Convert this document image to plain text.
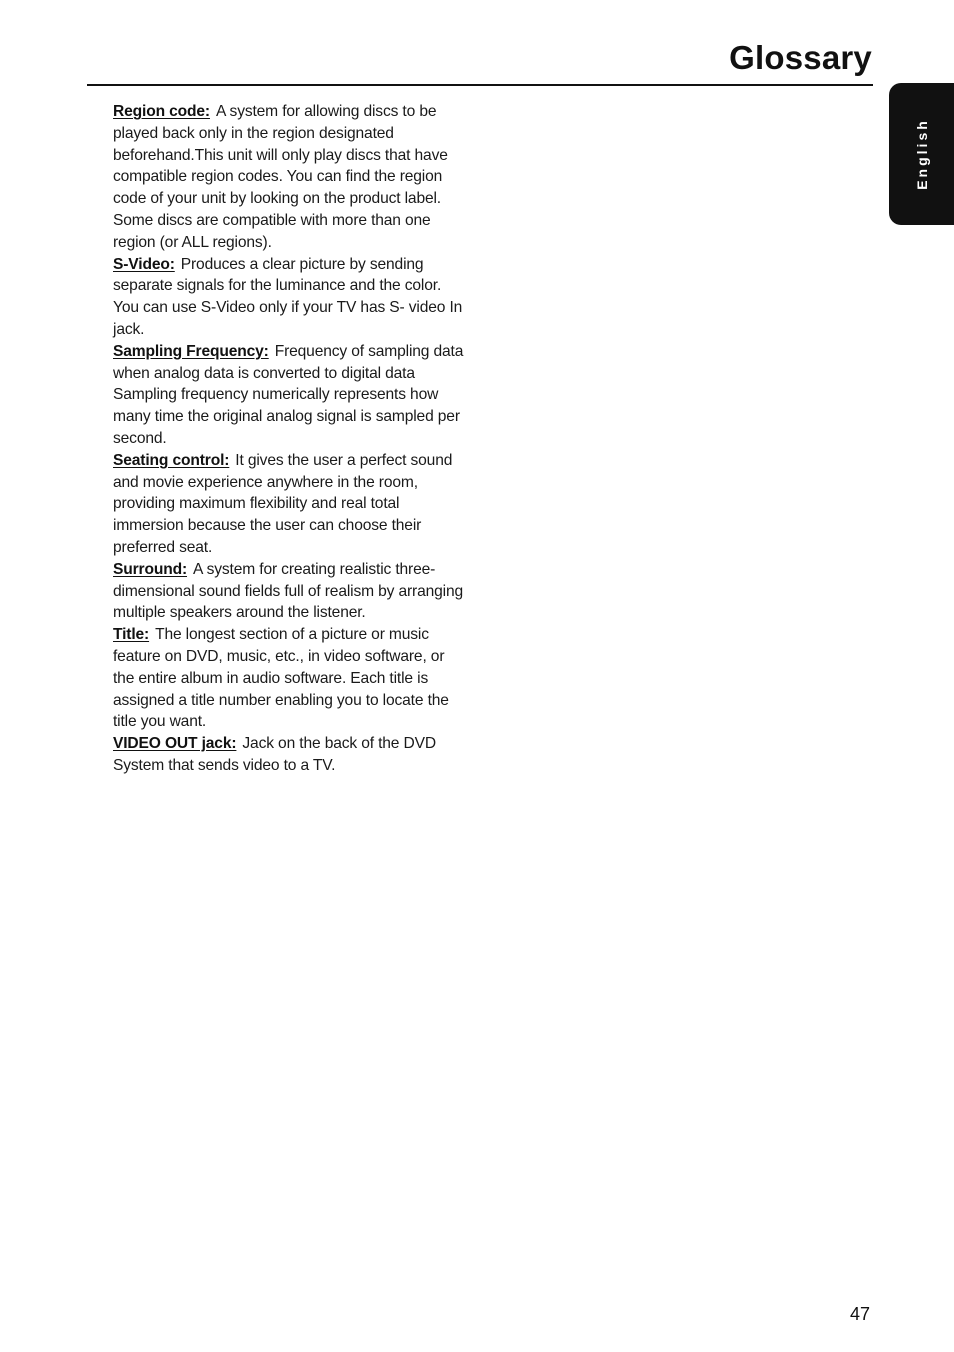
Glossary
English

Region code: A system for allowing discs to be played back only in the region designated beforehand.This unit will only play discs that have compatible region codes. You can find the region code of your unit by looking on the product label. Some discs are compatible with more than one region (or ALL regions).

S-Video: Produces a clear picture by sending separate signals for the luminance and the color. You can use S-Video only if your TV has S- video In jack.

Sampling Frequency: Frequency of sampling data when analog data is converted to digital data Sampling frequency numerically represents how many time the original analog signal is sampled per second.

Seating control: It gives the user a perfect sound and movie experience anywhere in the room, providing maximum flexibility and real total immersion because the user can choose their preferred seat.

Surround: A system for creating realistic three-dimensional sound fields full of realism by arranging multiple speakers around the listener.

Title: The longest section of a picture or music feature on DVD, music, etc., in video software, or the entire album in audio software. Each title is assigned a title number enabling you to locate the title you want.

VIDEO OUT jack: Jack on the back of the DVD System that sends video to a TV.

47
